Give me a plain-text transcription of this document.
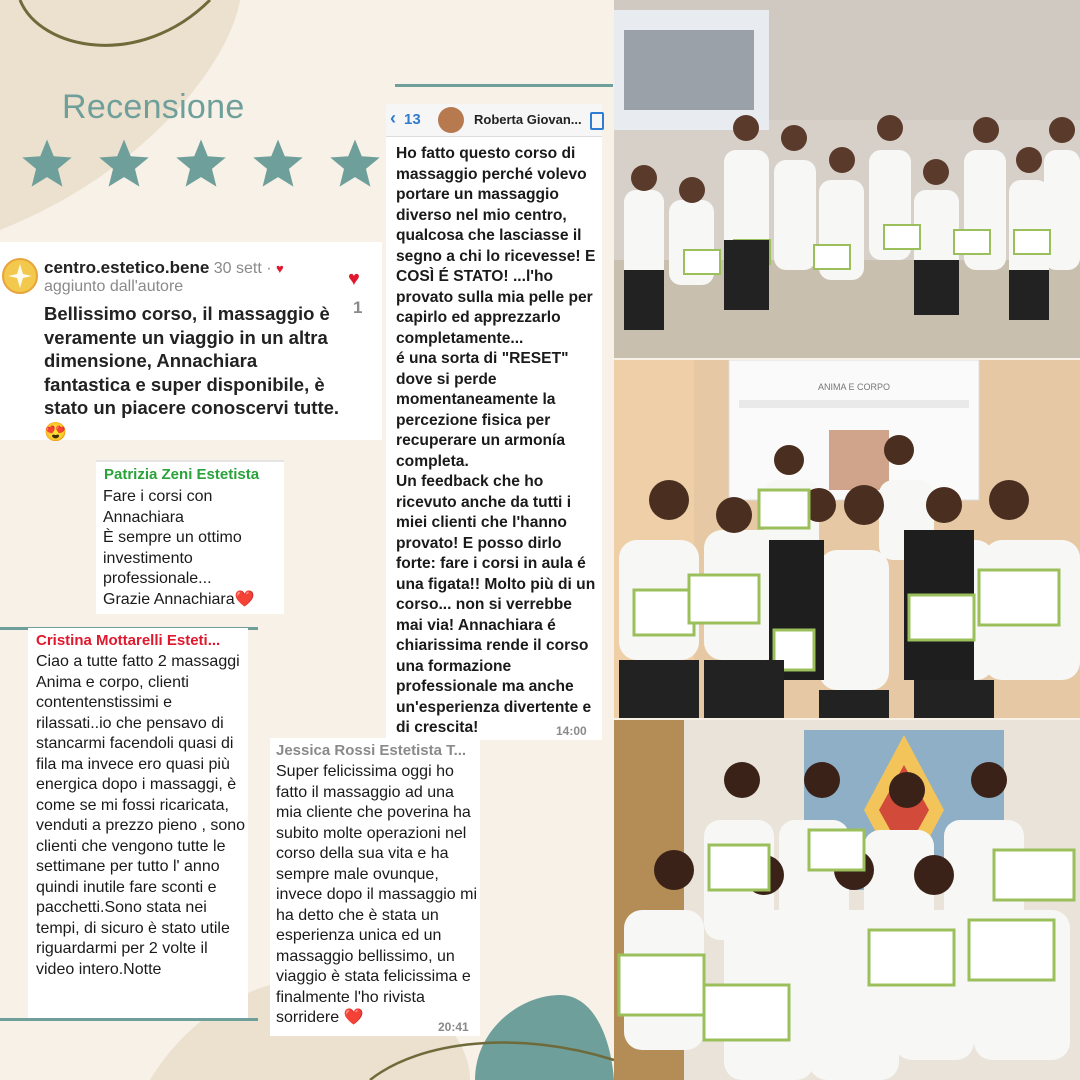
Recensione
centro.estetico.bene 30 sett · ♥
aggiunto dall'autore
Bellissimo corso, il massaggio è veramente un viaggio in un altra dimensione, Annachiara fantastica e super disponibile, è stato un piacere conoscervi tutte. 😍
♥
1
Patrizia Zeni Estetista
Fare i corsi con Annachiara
È sempre un ottimo investimento professionale...
Grazie Annachiara❤️
Cristina Mottarelli Esteti...
Ciao a tutte fatto 2 massaggi Anima e corpo, clienti contentenstissimi e rilassati..io che pensavo di stancarmi facendoli quasi di fila ma invece ero quasi più energica dopo i massaggi, è come se mi fossi ricaricata, venduti a prezzo pieno , sono clienti che vengono tutte le settimane per tutto l' anno quindi inutile fare sconti e pacchetti.Sono stata nei tempi, di sicuro è stato utile riguardarmi per 2 volte il video intero.Notte
‹ 13	Roberta Giovan...
Ho fatto questo corso di massaggio perché volevo portare un massaggio diverso nel mio centro, qualcosa che lasciasse il segno a chi lo ricevesse! E COSÌ É STATO! ...l'ho provato sulla mia pelle per capirlo ed apprezzarlo completamente...
é una sorta di "RESET" dove si perde momentaneamente la percezione fisica per recuperare un armonía completa.
Un feedback che ho ricevuto anche da tutti i miei clienti che l'hanno provato! E posso dirlo forte: fare i corsi in aula é una figata!! Molto più di un corso... non si verrebbe mai via! Annachiara é chiarissima rende il corso una formazione professionale ma anche un'esperienza divertente e di crescita!	14:00
Jessica Rossi Estetista T...
Super felicissima oggi ho fatto il massaggio ad una mia cliente che poverina ha subito molte operazioni nel corso della sua vita e ha sempre male ovunque, invece dopo il massaggio mi ha detto che è stata un esperienza unica ed un massaggio bellissimo, un viaggio è stata felicissima e finalmente l'ho rivista sorridere ❤️
20:41
ANIMA E CORPO
